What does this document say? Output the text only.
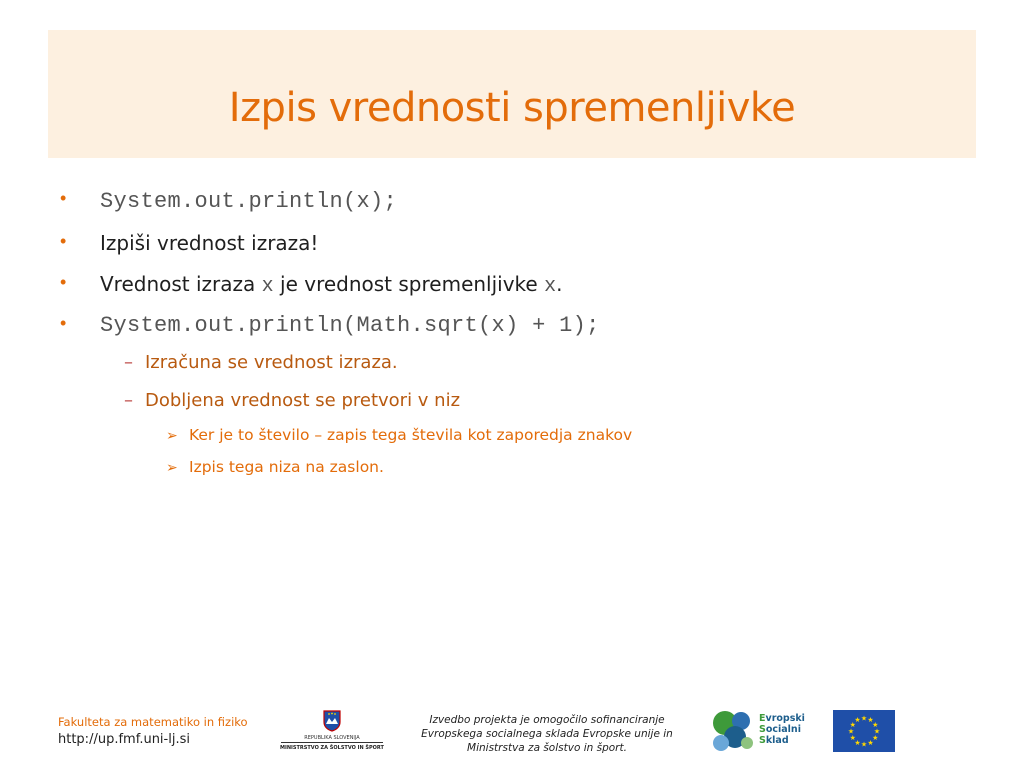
Izpis vrednosti spremenljivke
• System.out.println(x);
• Izpiši vrednost izraza!
• Vrednost izraza x je vrednost spremenljivke x.
• System.out.println(Math.sqrt(x) + 1);
– Izračuna se vrednost izraza.
– Dobljena vrednost se pretvori v niz
➢ Ker je to število – zapis tega števila kot zaporedja znakov
➢ Izpis tega niza na zaslon.
Fakulteta za matematiko in fiziko
http://up.fmf.uni-lj.si	REPUBLIKA SLOVENIJA
MINISTRSTVO ZA ŠOLSTVO IN ŠPORT
Izvedbo projekta je omogočilo sofinanciranje
Evropskega socialnega sklada Evropske unije in
Ministrstva za šolstvo in šport.
Evropski
Socialni
Sklad
★
★
★
★
★
★
★
★
★ ★ ★
★
